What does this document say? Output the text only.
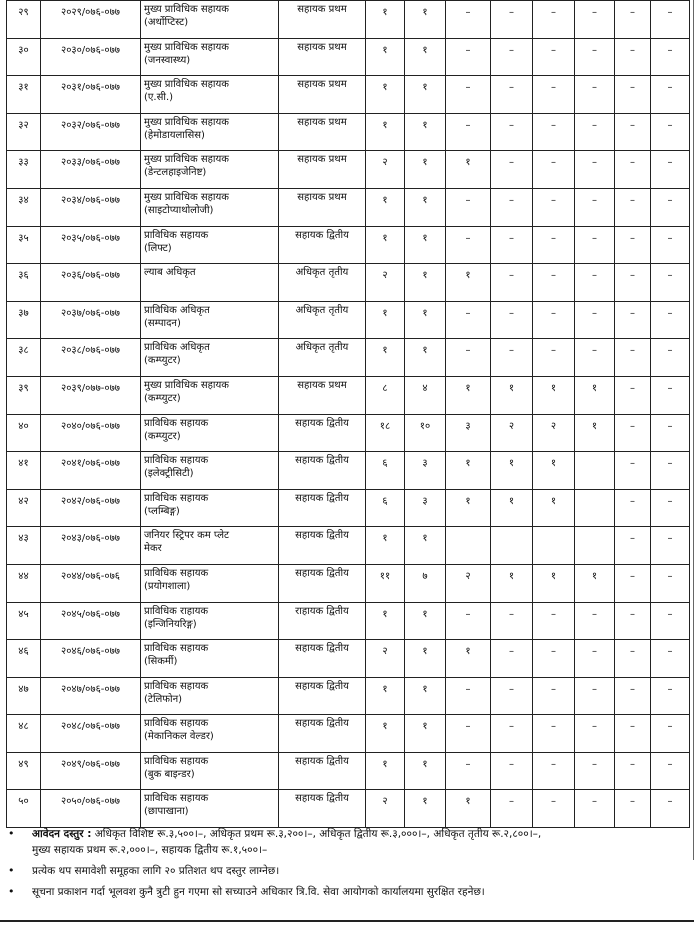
२९	२०२९/०७६-०७७	मुख्य प्राविधिक सहायक
(अर्थोप्टिस्ट)	सहायक प्रथम	१	१	–	–	–	–	–	–
३०	२०३०/०७६-०७७	मुख्य प्राविधिक सहायक
(जनस्वास्थ्य)	सहायक प्रथम	१	१	–	–	–	–	–	–
३१	२०३१/०७६-०७७	मुख्य प्राविधिक सहायक
(ए.सी.)	सहायक प्रथम	१	१	–	–	–	–	–	–
३२	२०३२/०७६-०७७	मुख्य प्राविधिक सहायक
(हेमोडायलासिस)	सहायक प्रथम	१	१	–	–	–	–	–	–
३३	२०३३/०७६-०७७	मुख्य प्राविधिक सहायक
(डेन्टलहाइजेनिष्ट)	सहायक प्रथम	२	१	१	–	–	–	–	–
३४	२०३४/०७६-०७७	मुख्य प्राविधिक सहायक
(साइटोप्याथोलोजी)	सहायक प्रथम	१	१	–	–	–	–	–	–
३५	२०३५/०७६-०७७	प्राविधिक सहायक
(लिफ्ट)	सहायक द्वितीय	१	१	–	–	–	–	–	–
३६	२०३६/०७६-०७७	ल्याब अधिकृत	अधिकृत तृतीय	२	१	१	–	–	–	–	–
३७	२०३७/०७६-०७७	प्राविधिक अधिकृत
(सम्पादन)	अधिकृत तृतीय	१	१	–	–	–	–	–	–
३८	२०३८/०७६-०७७	प्राविधिक अधिकृत
(कम्प्युटर)	अधिकृत तृतीय	१	१	–	–	–	–	–	–
३९	२०३९/०७७-०७७	मुख्य प्राविधिक सहायक
(कम्प्युटर)	सहायक प्रथम	८	४	१	१	१	१	–	–
४०	२०४०/०७६-०७७	प्राविधिक सहायक
(कम्प्युटर)	सहायक द्वितीय	१८	१०	३	२	२	१	–	–
४१	२०४१/०७६-०७७	प्राविधिक सहायक
(इलेक्ट्रीसिटी)	सहायक द्वितीय	६	३	१	१	१		–	–
४२	२०४२/०७६-०७७	प्राविधिक सहायक
(प्लम्बिङ्ग)	सहायक द्वितीय	६	३	१	१	१		–	–
४३	२०४३/०७६-०७७	जनियर स्ट्रिपर कम प्लेट
मेकर	सहायक द्वितीय	१	१					–	–
४४	२०४४/०७६-०७६	प्राविधिक सहायक
(प्रयोगशाला)	सहायक द्वितीय	११	७	२	१	१	१	–	–
४५	२०४५/०७६-०७७	प्राविधिक राहायक
(इन्जिनियरिङ्ग)	राहायक द्वितीय	१	१	–	–	–	–	–	–
४६	२०४६/०७६-०७७	प्राविधिक सहायक
(सिकर्मी)	सहायक द्वितीय	२	१	१	–	–	–	–	–
४७	२०४७/०७६-०७७	प्राविधिक सहायक
(टेलिफोन)	सहायक द्वितीय	१	१	–	–	–	–	–	–
४८	२०४८/०७६-०७७	प्राविधिक सहायक
(मेकानिकल वेल्डर)	सहायक द्वितीय	१	१	–	–	–	–	–	–
४९	२०४९/०७६-०७७	प्राविधिक सहायक
(बुक बाइन्डर)	सहायक द्वितीय	१	१	–	–	–	–	–	–
५०	२०५०/०७६-०७७	प्राविधिक सहायक
(छापाखाना)	सहायक द्वितीय	२	१	१	–	–	–	–	–
• आवेदन दस्तुर : अधिकृत विशिष्ट रू.३,५००।–, अधिकृत प्रथम रू.३,२००।–, अधिकृत द्वितीय रू.३,०००।–, अधिकृत तृतीय रू.२,८००।–,
मुख्य सहायक प्रथम रू.२,०००।–, सहायक द्वितीय रू.१,५००।–
• प्रत्येक थप समावेशी समूहका लागि २० प्रतिशत थप दस्तुर लाग्नेछ।
• सूचना प्रकाशन गर्दा भूलवश कुनै त्रुटी हुन गएमा सो सच्याउने अधिकार त्रि.वि. सेवा आयोगको कार्यालयमा सुरक्षित रहनेछ।
